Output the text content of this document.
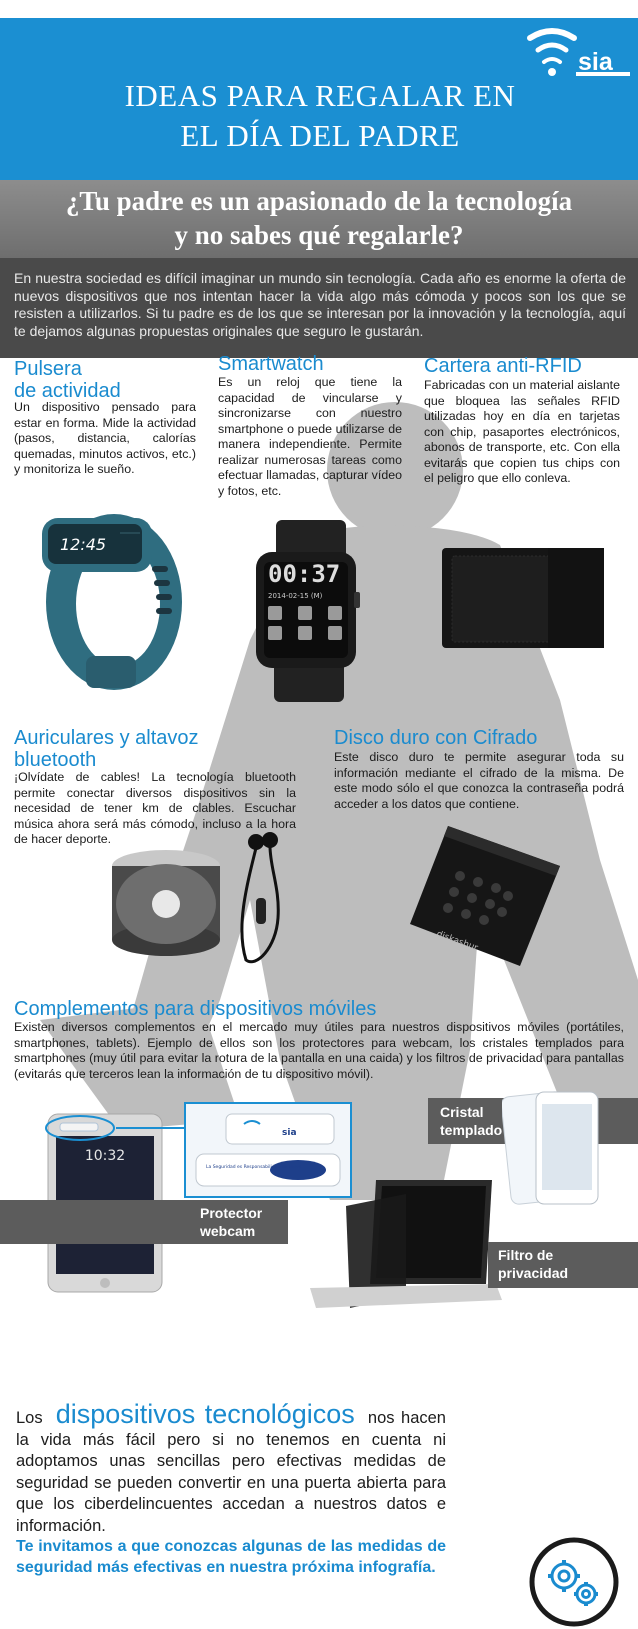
IDEAS PARA REGALAR EN
EL DÍA DEL PADRE
sia
¿Tu padre es un apasionado de la tecnología
y no sabes qué regalarle?
En nuestra sociedad es difícil imaginar un mundo sin tecnología. Cada año es enorme la oferta de nuevos dispositivos que nos intentan hacer la vida algo más cómoda y pocos son los que se resisten a utilizarlos. Si tu padre es de los que se interesan por la innovación y la tecnología, aquí te dejamos algunas propuestas originales que seguro le gustarán.
Pulsera
de actividad
Un dispositivo pensado para estar en forma. Mide la actividad (pasos, distancia, calorías quemadas, minutos activos, etc.) y monitoriza le sueño.
12:45
Smartwatch
Es un reloj que tiene la capacidad de vincularse y sincronizarse con nuestro smartphone o puede utilizarse de manera independiente. Permite realizar numerosas tareas como efectuar llamadas, capturar vídeo y fotos, etc.
00:37
2014-02-15 (M)
Cartera anti-RFID
Fabricadas con un material aislante que bloquea las señales RFID utilizadas hoy en día en tarjetas con chip, pasaportes electrónicos, abonos de transporte, etc. Con ella evitarás que copien tus chips con el peligro que ello conleva.
Auriculares y altavoz
bluetooth
¡Olvídate de cables! La tecnología bluetooth permite conectar diversos dispositivos sin la necesidad de tener km de clables. Escuchar música ahora será más cómodo, incluso a la hora de hacer deporte.
Disco duro con Cifrado
Este disco duro te permite asegurar toda su información mediante el cifrado de la misma. De este modo sólo el que conozca la contraseña podrá acceder a los datos que contiene.
diskashur
Complementos para dispositivos móviles
Existen diversos complementos en el mercado muy útiles para nuestros dispositivos móviles (portátiles, smartphones, tablets). Ejemplo de ellos son los protectores para webcam, los cristales templados para smartphones (muy útil para evitar la rotura de la pantalla en una caida) y los filtros de privacidad para pantallas (evitarás que terceros lean la información de tu dispositivo móvil).
10:32
La Seguridad es Responsabilidad de todos
sia
Protector
webcam
Cristal
templado
Filtro de
privacidad
Los dispositivos tecnológicos nos hacen la vida más fácil pero si no tenemos en cuenta ni adoptamos unas sencillas pero efectivas medidas de seguridad se pueden convertir en una puerta abierta para que los ciberdelincuentes accedan a nuestros datos e información.
Te invitamos a que conozcas algunas de las medidas de seguridad más efectivas en nuestra próxima infografía.
